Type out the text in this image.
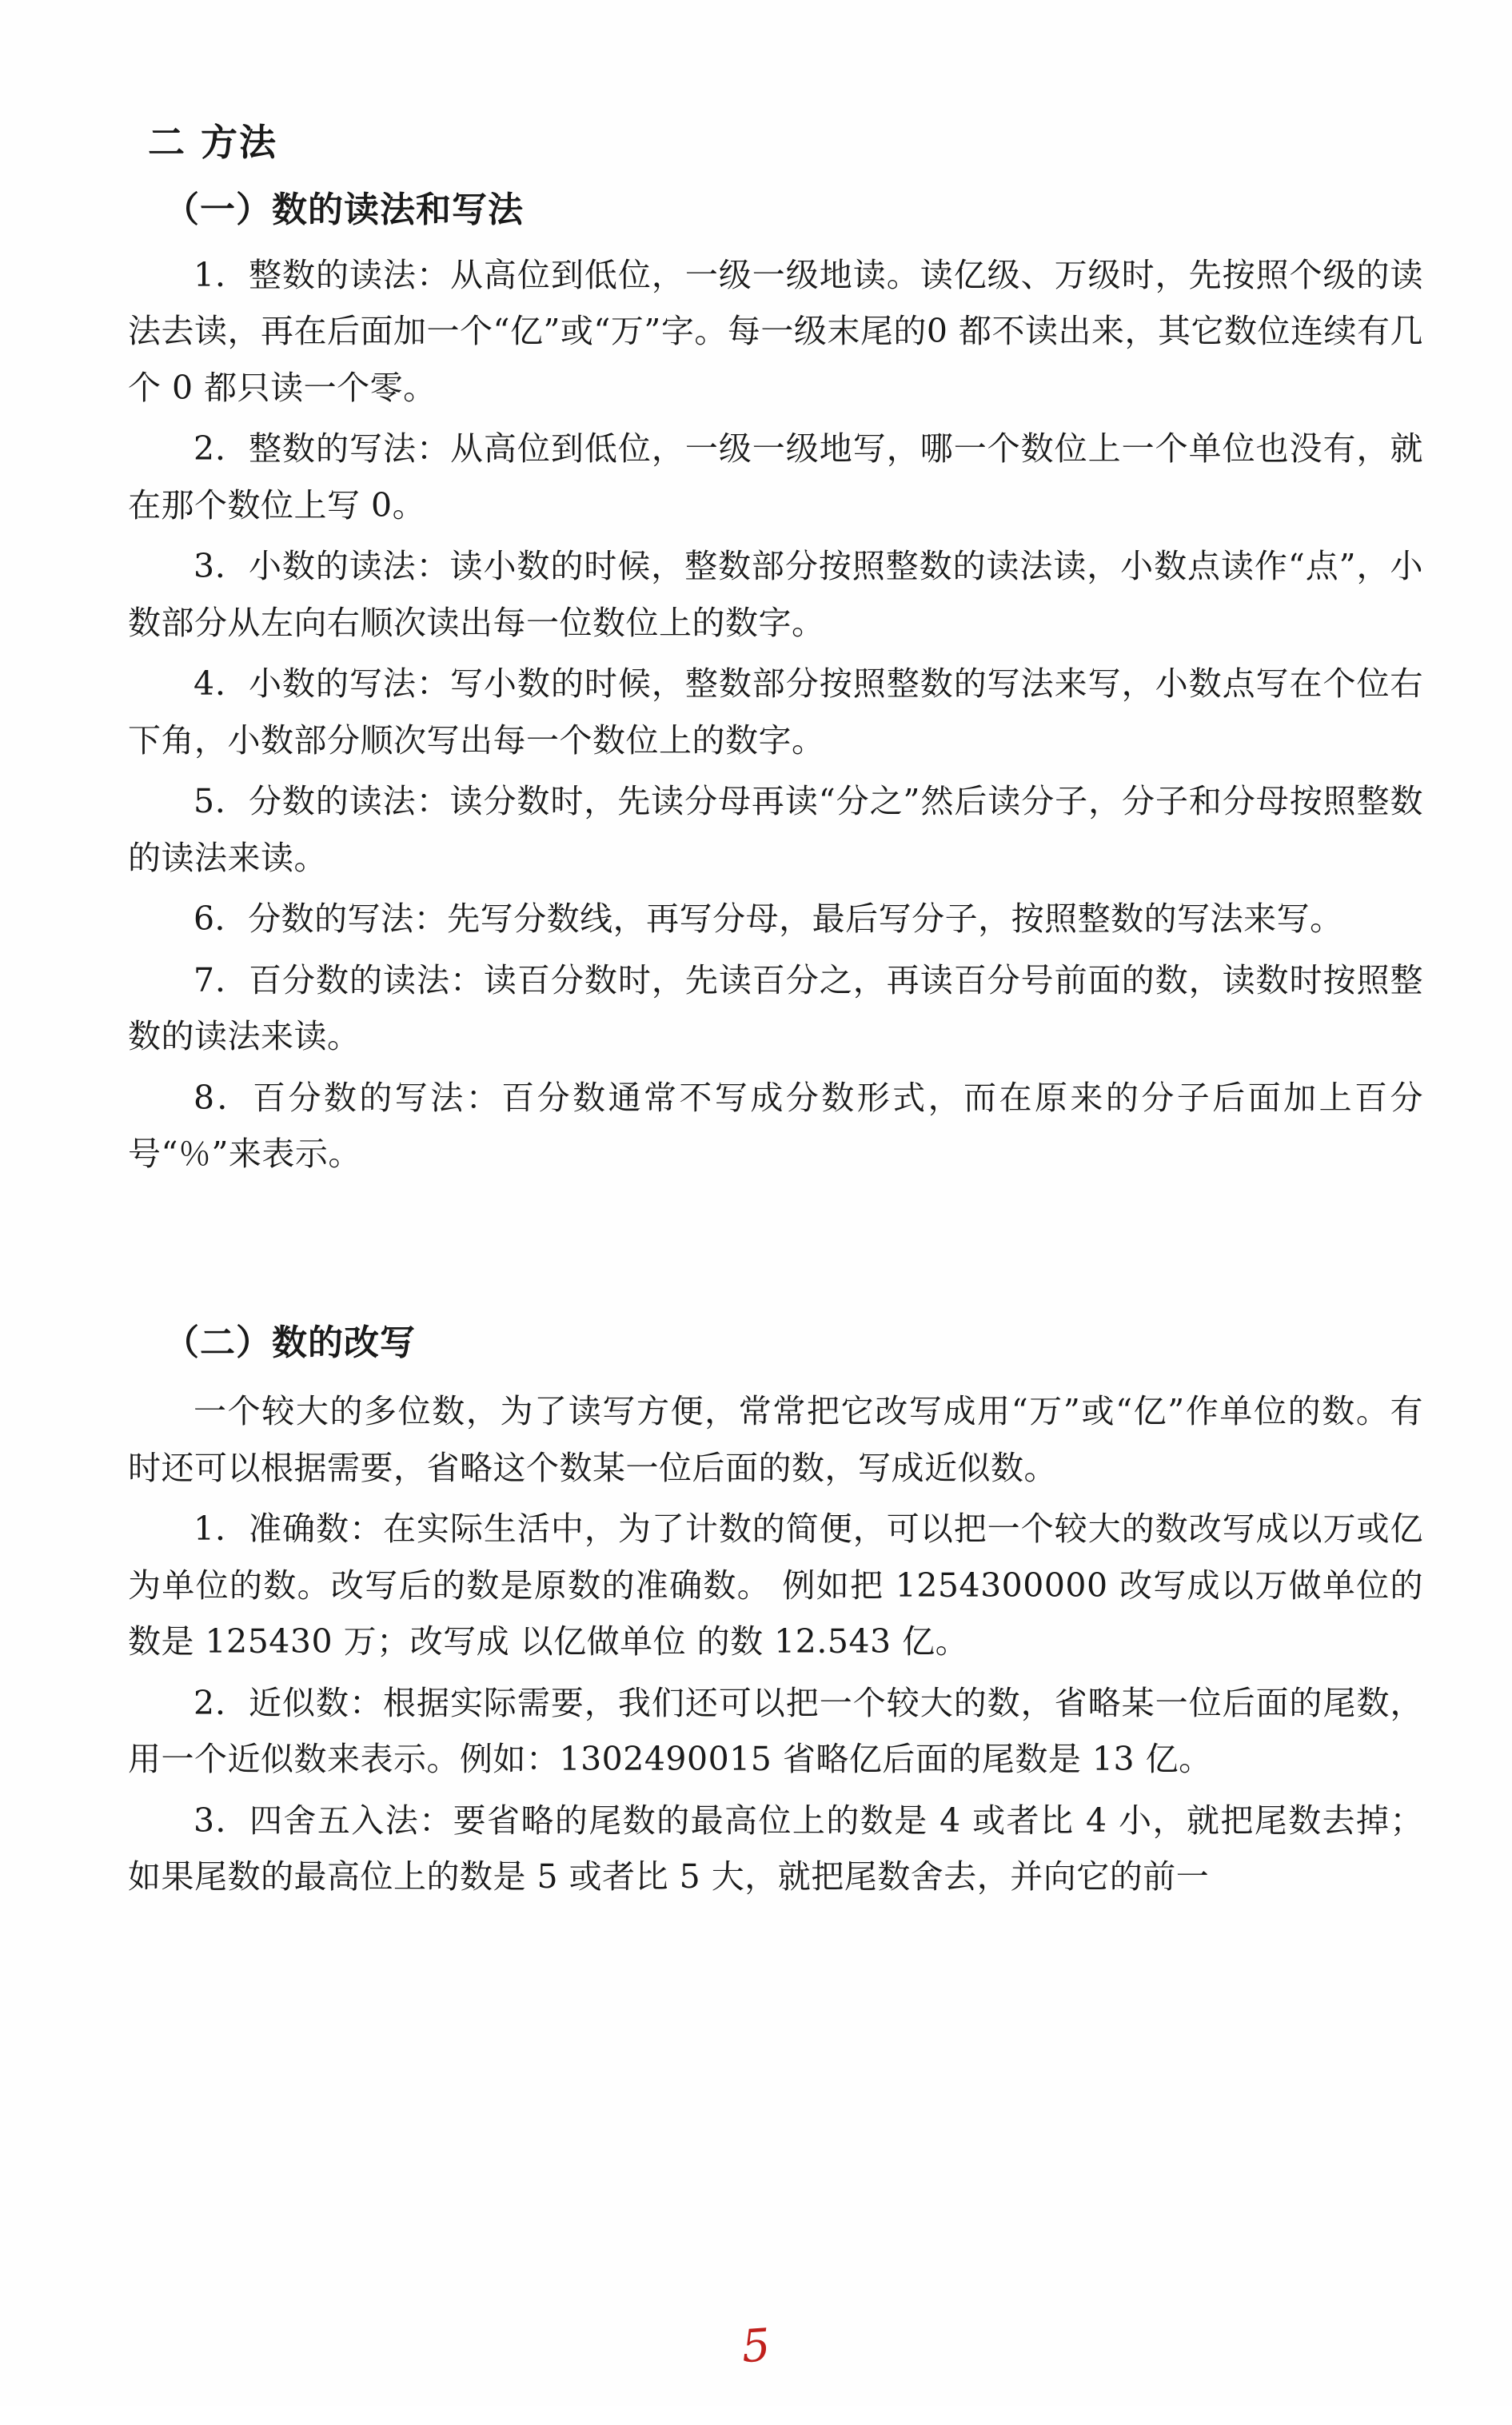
二 方法
（一）数的读法和写法

1．整数的读法：从高位到低位，一级一级地读。读亿级、万级时，先按照个级的读法去读，再在后面加一个“亿”或“万”字。每一级末尾的0 都不读出来，其它数位连续有几个 0 都只读一个零。

2．整数的写法：从高位到低位，一级一级地写，哪一个数位上一个单位也没有，就在那个数位上写 0。

3．小数的读法：读小数的时候，整数部分按照整数的读法读，小数点读作“点”，小数部分从左向右顺次读出每一位数位上的数字。

4．小数的写法：写小数的时候，整数部分按照整数的写法来写，小数点写在个位右下角，小数部分顺次写出每一个数位上的数字。

5．分数的读法：读分数时，先读分母再读“分之”然后读分子，分子和分母按照整数的读法来读。

6．分数的写法：先写分数线，再写分母，最后写分子，按照整数的写法来写。

7．百分数的读法：读百分数时，先读百分之，再读百分号前面的数，读数时按照整数的读法来读。

8．百分数的写法：百分数通常不写成分数形式，而在原来的分子后面加上百分号“％”来表示。

（二）数的改写

一个较大的多位数，为了读写方便，常常把它改写成用“万”或“亿”作单位的数。有时还可以根据需要，省略这个数某一位后面的数，写成近似数。

1．准确数：在实际生活中，为了计数的简便，可以把一个较大的数改写成以万或亿为单位的数。改写后的数是原数的准确数。 例如把 1254300000 改写成以万做单位的数是 125430 万；改写成 以亿做单位 的数 12.543 亿。

2．近似数：根据实际需要，我们还可以把一个较大的数，省略某一位后面的尾数，用一个近似数来表示。例如：1302490015 省略亿后面的尾数是 13 亿。

3．四舍五入法：要省略的尾数的最高位上的数是 4 或者比 4 小，就把尾数去掉；如果尾数的最高位上的数是 5 或者比 5 大，就把尾数舍去，并向它的前一

5
